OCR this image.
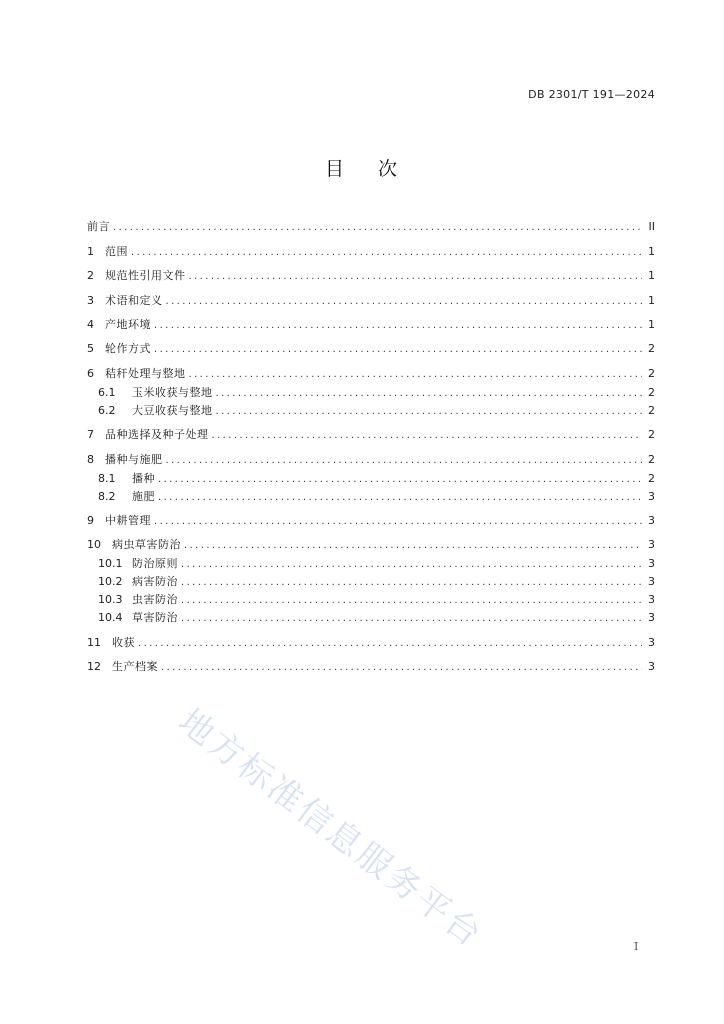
DB 2301/T 191—2024
目 次
前言 .....	II
1	范围 .....	1
2	规范性引用文件 .....	1
3	术语和定义 .....	1
4	产地环境 .....	1
5	轮作方式 .....	2
6	秸秆处理与整地 .....	2
6.1	玉米收获与整地 .....	2
6.2	大豆收获与整地 .....	2
7	品种选择及种子处理 .....	2
8	播种与施肥 .....	2
8.1	播种 .....	2
8.2	施肥 .....	3
9	中耕管理 .....	3
10	病虫草害防治 .....	3
10.1 防治原则 .....	3
10.2 病害防治 .....	3
10.3 虫害防治 .....	3
10.4 草害防治 .....	3
11	收获 .....	3
12	生产档案 .....	3
地方标准信息服务平台	I
